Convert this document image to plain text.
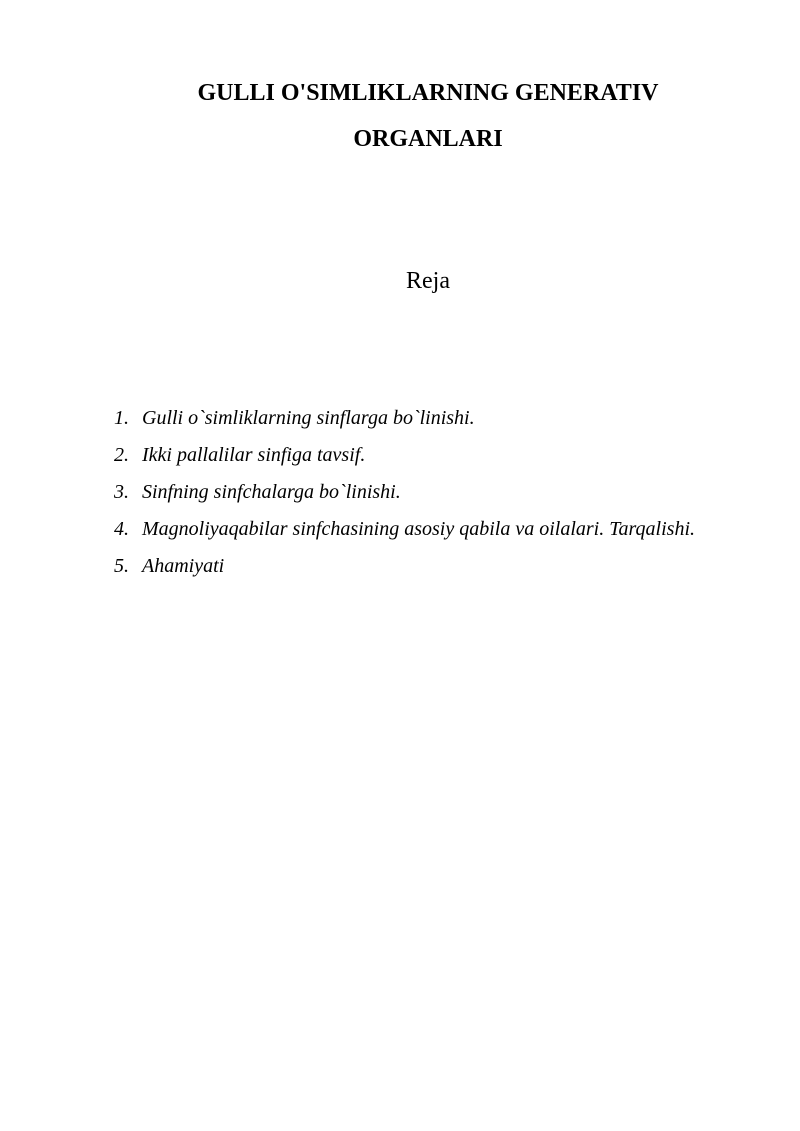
GULLI O'SIMLIKLARNING GENERATIV
ORGANLARI
Reja
1. Gulli o`simliklarning sinflarga bo`linishi.
2. Ikki pallalilar sinfiga tavsif.
3. Sinfning sinfchalarga bo`linishi.
4. Magnoliyaqabilar sinfchasining asosiy qabila va oilalari. Tarqalishi.
5. Ahamiyati
